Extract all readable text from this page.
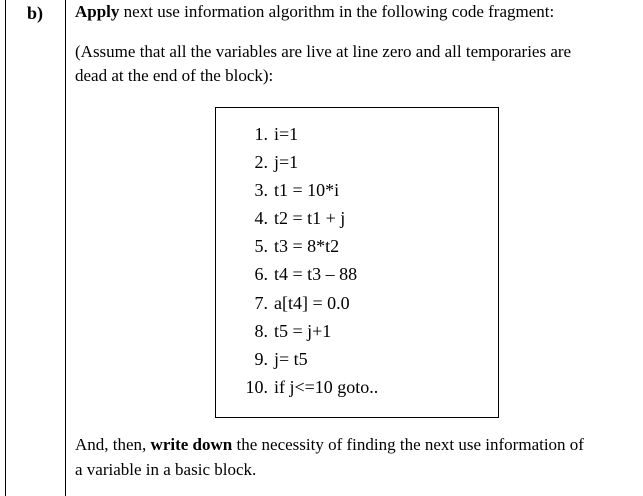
b) Apply next use information algorithm in the following code fragment:
(Assume that all the variables are live at line zero and all temporaries are
dead at the end of the block):
And, then, write down the necessity of finding the next use information of
a variable in a basic block.
1. i=1
2. j=1
3. t1 = 10*i
4. t2 = t1 + j
5. t3 = 8*t2
6. t4 = t3 – 88
7. a[t4] = 0.0
8. t5 = j+1
9. j= t5
10. if j<=10 goto..
